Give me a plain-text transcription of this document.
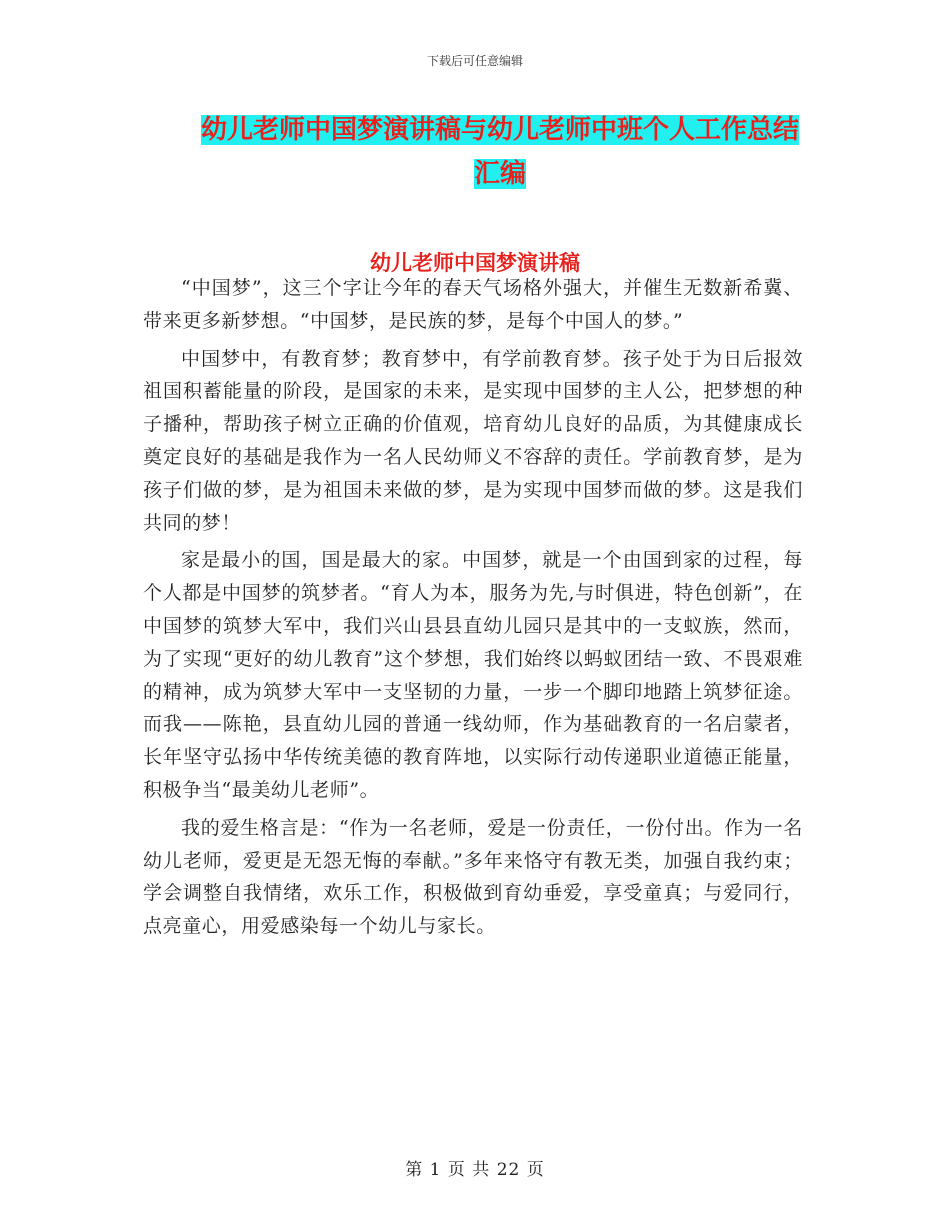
下载后可任意编辑
幼儿老师中国梦演讲稿与幼儿老师中班个人工作总结
汇编
幼儿老师中国梦演讲稿

“中国梦”，这三个字让今年的春天气场格外强大，并催生无数新希冀、带来更多新梦想。“中国梦，是民族的梦，是每个中国人的梦。”

中国梦中，有教育梦；教育梦中，有学前教育梦。孩子处于为日后报效祖国积蓄能量的阶段，是国家的未来，是实现中国梦的主人公，把梦想的种子播种，帮助孩子树立正确的价值观，培育幼儿良好的品质，为其健康成长奠定良好的基础是我作为一名人民幼师义不容辞的责任。学前教育梦，是为孩子们做的梦，是为祖国未来做的梦，是为实现中国梦而做的梦。这是我们共同的梦！

家是最小的国，国是最大的家。中国梦，就是一个由国到家的过程，每个人都是中国梦的筑梦者。“育人为本，服务为先,与时俱进，特色创新”，在中国梦的筑梦大军中，我们兴山县县直幼儿园只是其中的一支蚁族，然而，为了实现“更好的幼儿教育”这个梦想，我们始终以蚂蚁团结一致、不畏艰难的精神，成为筑梦大军中一支坚韧的力量，一步一个脚印地踏上筑梦征途。而我——陈艳，县直幼儿园的普通一线幼师，作为基础教育的一名启蒙者，长年坚守弘扬中华传统美德的教育阵地，以实际行动传递职业道德正能量，积极争当“最美幼儿老师”。

我的爱生格言是：“作为一名老师，爱是一份责任，一份付出。作为一名幼儿老师，爱更是无怨无悔的奉献。”多年来恪守有教无类，加强自我约束；学会调整自我情绪，欢乐工作，积极做到育幼垂爱，享受童真；与爱同行，点亮童心，用爱感染每一个幼儿与家长。

第 1 页 共 22 页
